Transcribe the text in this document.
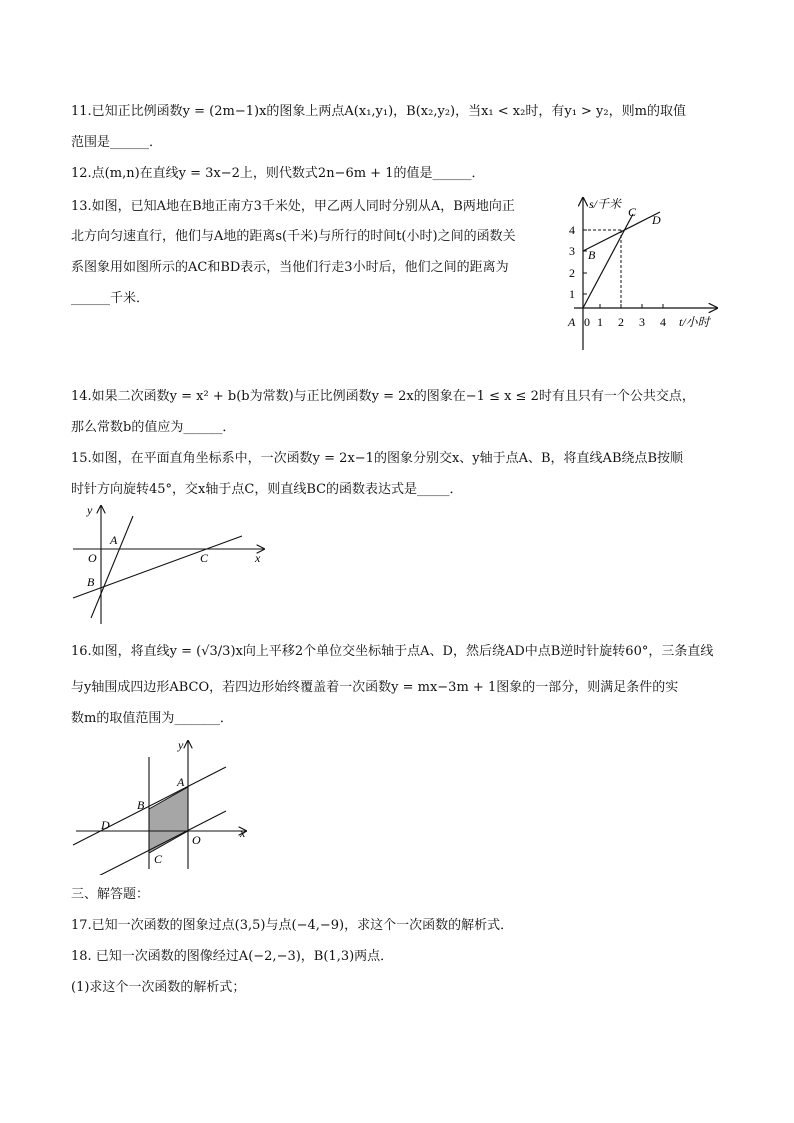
11.已知正比例函数y = (2m−1)x的图象上两点A(x₁,y₁)，B(x₂,y₂)，当x₁ < x₂时，有y₁ > y₂，则m的取值
范围是______．
12.点(m,n)在直线y = 3x−2上，则代数式2n−6m + 1的值是______．
13.如图，已知A地在B地正南方3千米处，甲乙两人同时分别从A，B两地向正
北方向匀速直行，他们与A地的距离s(千米)与所行的时间t(小时)之间的函数关
系图象用如图所示的AC和BD表示，当他们行走3小时后，他们之间的距离为
______千米．
s/千米
t/小时
1
2
3
4
0 1 2 3 4
A
B
C
D
14.如果二次函数y = x² + b(b为常数)与正比例函数y = 2x的图象在−1 ≤ x ≤ 2时有且只有一个公共交点，
那么常数b的值应为______．
15.如图，在平面直角坐标系中，一次函数y = 2x−1的图象分别交x、y轴于点A、B，将直线AB绕点B按顺
时针方向旋转45°，交x轴于点C，则直线BC的函数表达式是_____．
y
x
O
A
B
C
16.如图，将直线y = (√3/3)x向上平移2个单位交坐标轴于点A、D，然后绕AD中点B逆时针旋转60°，三条直线
与y轴围成四边形ABCO，若四边形始终覆盖着一次函数y = mx−3m + 1图象的一部分，则满足条件的实
数m的取值范围为_______．
y
x
O
A
B
C
D
三、解答题：
17.已知一次函数的图象过点(3,5)与点(−4,−9)，求这个一次函数的解析式．
18. 已知一次函数的图像经过A(−2,−3)，B(1,3)两点．
(1)求这个一次函数的解析式；
